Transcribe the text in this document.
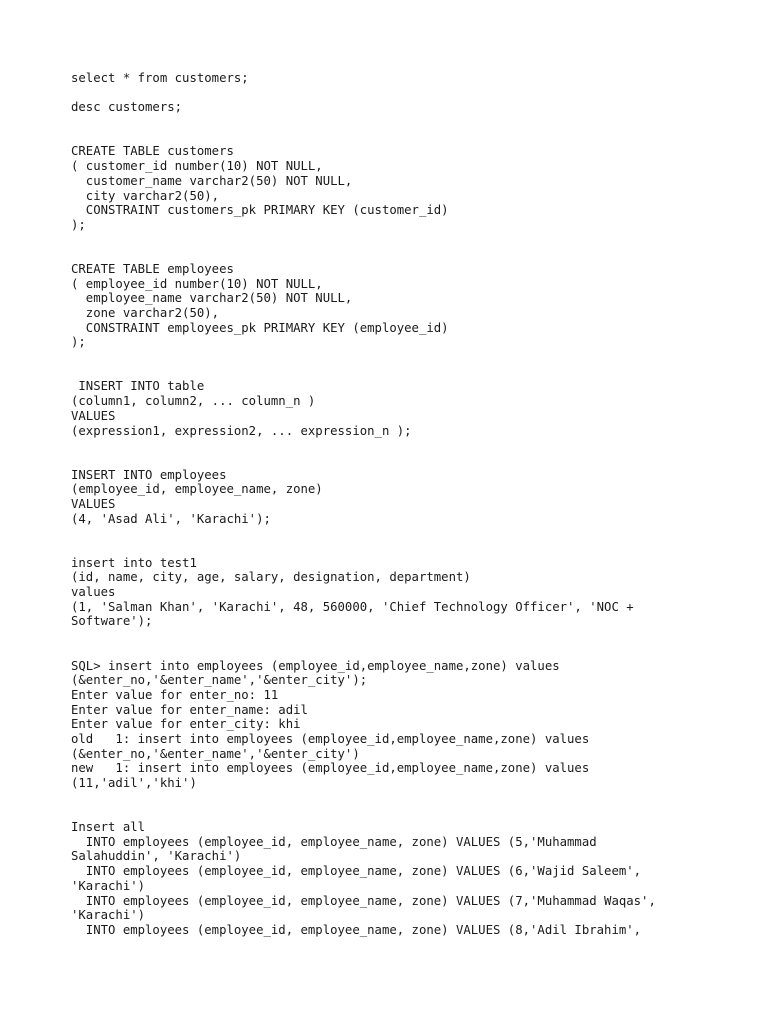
select * from customers;
desc customers;
CREATE TABLE customers
( customer_id number(10) NOT NULL,
customer_name varchar2(50) NOT NULL,
city varchar2(50),
CONSTRAINT customers_pk PRIMARY KEY (customer_id)
);
CREATE TABLE employees
( employee_id number(10) NOT NULL,
employee_name varchar2(50) NOT NULL,
zone varchar2(50),
CONSTRAINT employees_pk PRIMARY KEY (employee_id)
);
INSERT INTO table
(column1, column2, ... column_n )
VALUES
(expression1, expression2, ... expression_n );
INSERT INTO employees
(employee_id, employee_name, zone)
VALUES
(4, 'Asad Ali', 'Karachi');
insert into test1
(id, name, city, age, salary, designation, department)
values
(1, 'Salman Khan', 'Karachi', 48, 560000, 'Chief Technology Officer', 'NOC +
Software');
SQL> insert into employees (employee_id,employee_name,zone) values
(&enter_no,'&enter_name','&enter_city');
Enter value for enter_no: 11
Enter value for enter_name: adil
Enter value for enter_city: khi
old   1: insert into employees (employee_id,employee_name,zone) values
(&enter_no,'&enter_name','&enter_city')
new   1: insert into employees (employee_id,employee_name,zone) values
(11,'adil','khi')
Insert all
INTO employees (employee_id, employee_name, zone) VALUES (5,'Muhammad
Salahuddin', 'Karachi')
INTO employees (employee_id, employee_name, zone) VALUES (6,'Wajid Saleem',
'Karachi')
INTO employees (employee_id, employee_name, zone) VALUES (7,'Muhammad Waqas',
'Karachi')
INTO employees (employee_id, employee_name, zone) VALUES (8,'Adil Ibrahim',
